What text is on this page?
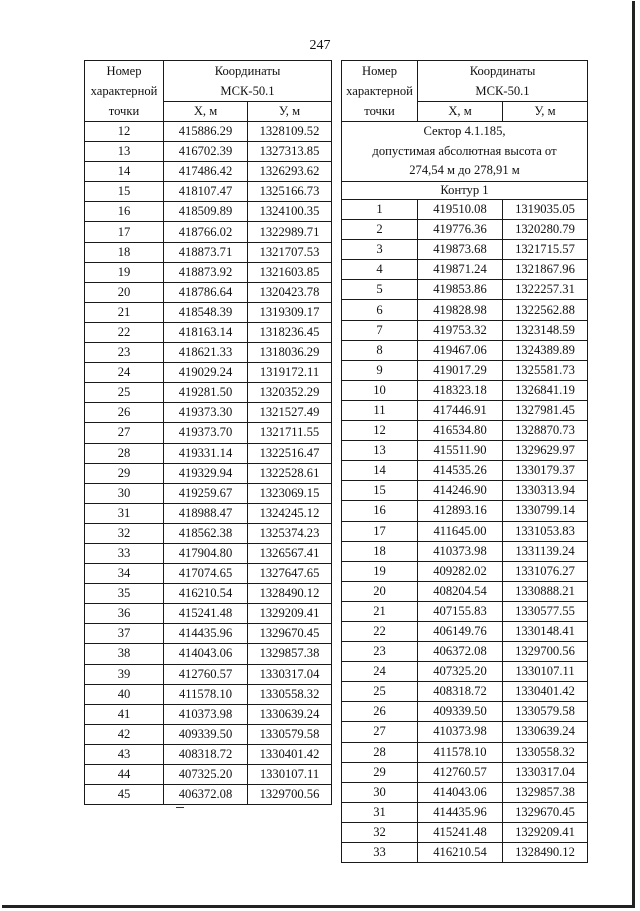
247
Номер характерной точки	Координаты
МСК-50.1	
	X, м	У, м
12	415886.29	1328109.52
13	416702.39	1327313.85
14	417486.42	1326293.62
15	418107.47	1325166.73
16	418509.89	1324100.35
17	418766.02	1322989.71
18	418873.71	1321707.53
19	418873.92	1321603.85
20	418786.64	1320423.78
21	418548.39	1319309.17
22	418163.14	1318236.45
23	418621.33	1318036.29
24	419029.24	1319172.11
25	419281.50	1320352.29
26	419373.30	1321527.49
27	419373.70	1321711.55
28	419331.14	1322516.47
29	419329.94	1322528.61
30	419259.67	1323069.15
31	418988.47	1324245.12
32	418562.38	1325374.23
33	417904.80	1326567.41
34	417074.65	1327647.65
35	416210.54	1328490.12
36	415241.48	1329209.41
37	414435.96	1329670.45
38	414043.06	1329857.38
39	412760.57	1330317.04
40	411578.10	1330558.32
41	410373.98	1330639.24
42	409339.50	1330579.58
43	408318.72	1330401.42
44	407325.20	1330107.11
45	406372.08	1329700.56
Номер характерной точки	Координаты
МСК-50.1	
	X, м	У, м
Сектор 4.1.185,
допустимая абсолютная высота от
274,54 м до 278,91 м		
Контур 1		
1	419510.08	1319035.05
2	419776.36	1320280.79
3	419873.68	1321715.57
4	419871.24	1321867.96
5	419853.86	1322257.31
6	419828.98	1322562.88
7	419753.32	1323148.59
8	419467.06	1324389.89
9	419017.29	1325581.73
10	418323.18	1326841.19
11	417446.91	1327981.45
12	416534.80	1328870.73
13	415511.90	1329629.97
14	414535.26	1330179.37
15	414246.90	1330313.94
16	412893.16	1330799.14
17	411645.00	1331053.83
18	410373.98	1331139.24
19	409282.02	1331076.27
20	408204.54	1330888.21
21	407155.83	1330577.55
22	406149.76	1330148.41
23	406372.08	1329700.56
24	407325.20	1330107.11
25	408318.72	1330401.42
26	409339.50	1330579.58
27	410373.98	1330639.24
28	411578.10	1330558.32
29	412760.57	1330317.04
30	414043.06	1329857.38
31	414435.96	1329670.45
32	415241.48	1329209.41
33	416210.54	1328490.12
